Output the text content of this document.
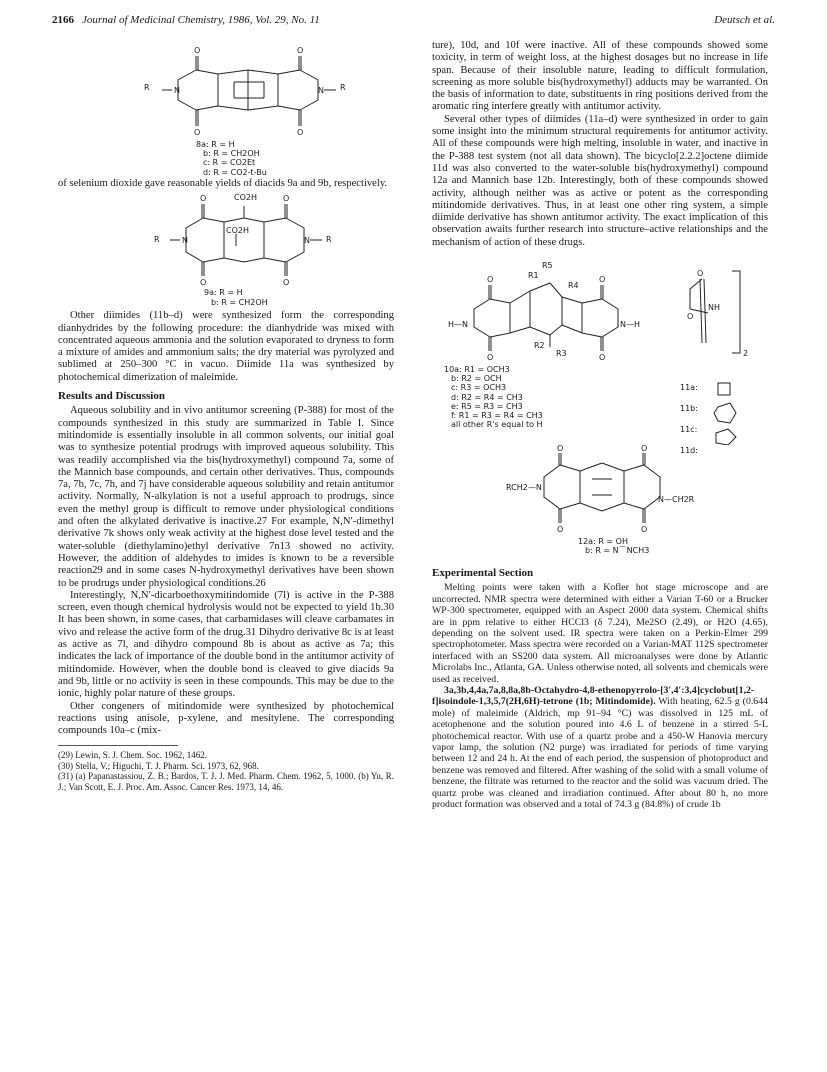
2166 Journal of Medicinal Chemistry, 1986, Vol. 29, No. 11	Deutsch et al.
O	O
O	O
N	N
R	R
8a: R = H
b: R = CH2OH
c: R = CO2Et
d: R = CO2-t-Bu

of selenium dioxide gave reasonable yields of diacids 9a and 9b, respectively.

O	O
O	O
N	N
CO2H
CO2H
R	R
9a: R = H
b: R = CH2OH

Other diimides (11b–d) were synthesized form the corresponding dianhydrides by the following procedure: the dianhydride was mixed with concentrated aqueous ammonia and the solution evaporated to dryness to form a mixture of amides and ammonium salts; the dry material was pyrolyzed and sublimed at 250–300 °C in vacuo. Diimide 11a was synthesized by photochemical dimerization of maleimide.

Results and Discussion

Aqueous solubility and in vivo antitumor screening (P-388) for most of the compounds synthesized in this study are summarized in Table I. Since mitindomide is essentially insoluble in all common solvents, our initial goal was to synthesize potential prodrugs with improved aqueous solubility. This was readily accomplished via the bis(hydroxymethyl) compound 7a, some of the Mannich base compounds, and certain other derivatives. Thus, compounds 7a, 7b, 7c, 7h, and 7j have considerable aqueous solubility and retain antitumor activity. Normally, N-alkylation is not a useful approach to prodrugs, since even the methyl group is difficult to remove under physiological conditions and often the alkylated derivative is inactive.27 For example, N,N′-dimethyl derivative 7k shows only weak activity at the highest dose level tested and the water-soluble (diethylamino)ethyl derivative 7n13 showed no activity. However, the addition of aldehydes to imides is known to be a reversible reaction29 and in some cases N-hydroxymethyl derivatives have been shown to be prodrugs under physiological conditions.26

Interestingly, N,N′-dicarboethoxymitindomide (7l) is active in the P-388 screen, even though chemical hydrolysis would not be expected to yield 1b.30 It has been shown, in some cases, that carbamidases will cleave carbamates in vivo and release the active form of the drug.31 Dihydro derivative 8c is at least as active as 7l, and dihydro compound 8b is about as active as 7a; this indicates the lack of importance of the double bond in the antitumor activity of mitindomide. However, when the double bond is cleaved to give diacids 9a and 9b, little or no activity is seen in these compounds. This may be due to the ionic, highly polar nature of these groups.

Other congeners of mitindomide were synthesized by photochemical reactions using anisole, p-xylene, and mesitylene. The corresponding compounds 10a–c (mix-

(29) Lewin, S. J. Chem. Soc. 1962, 1462.
(30) Stella, V.; Higuchi, T. J. Pharm. Sci. 1973, 62, 968.
(31) (a) Papanastassiou, Z. B.; Bardos, T. J. J. Med. Pharm. Chem. 1962, 5, 1000. (b) Yu, R. J.; Van Scott, E. J. Proc. Am. Assoc. Cancer Res. 1973, 14, 46.

ture), 10d, and 10f were inactive. All of these compounds showed some toxicity, in term of weight loss, at the highest dosages but no increase in life span. Because of their insoluble nature, leading to difficult formulation, screening as more soluble bis(hydroxymethyl) adducts may be warranted. On the basis of information to date, substituents in ring positions derived from the aromatic ring interfere greatly with antitumor activity.

Several other types of diimides (11a–d) were synthesized in order to gain some insight into the minimum structural requirements for antitumor activity. All of these compounds were high melting, insoluble in water, and inactive in the P-388 test system (not all data shown). The bicyclo[2.2.2]octene diimide 11d was also converted to the water-soluble bis(hydroxymethyl) compound 12a and Mannich base 12b. Interestingly, both of these compounds showed activity, although neither was as active or potent as the corresponding mitindomide derivatives. Thus, in at least one other ring system, a simple diimide derivative has shown antitumor activity. The exact implication of this observation awaits further research into structure–active relationships and the mechanism of action of these drugs.

O	O
O	O
O
O
H—N	N—H
R5
R1
R4
R2
R3
NH
2
10a: R1 = OCH3
b: R2 = OCH
c: R3 = OCH3
d: R2 = R4 = CH3
e: R5 = R3 = CH3
f: R1 = R3 = R4 = CH3
all other R's equal to H
11a:
11b:
11c:
11d:
O	O
O	O
RCH2—N
N—CH2R
12a: R = OH
b: R = N⌒NCH3
Experimental Section

Melting points were taken with a Kofler hot stage microscope and are uncorrected. NMR spectra were determined with either a Varian T-60 or a Brucker WP-300 spectrometer, equipped with an Aspect 2000 data system. Chemical shifts are in ppm relative to either HCCl3 (δ 7.24), Me2SO (2.49), or H2O (4.65), depending on the solvent used. IR spectra were taken on a Perkin-Elmer 299 spectrophotometer. Mass spectra were recorded on a Varian-MAT 112S spectrometer interfaced with an SS200 data system. All microanalyses were done by Atlantic Microlabs Inc., Atlanta, GA. Unless otherwise noted, all solvents and chemicals were used as received.

3a,3b,4,4a,7a,8,8a,8b-Octahydro-4,8-ethenopyrrolo-[3′,4′:3,4]cyclobut[1,2-f]isoindole-1,3,5,7(2H,6H)-tetrone (1b; Mitindomide). With heating, 62.5 g (0.644 mole) of maleimide (Aldrich, mp 91–94 °C) was dissolved in 125 mL of acetophenone and the solution poured into 4.6 L of benzene in a stirred 5-L photochemical reactor. With use of a quartz probe and a 450-W Hanovia mercury vapor lamp, the solution (N2 purge) was irradiated for periods of time varying between 12 and 24 h. At the end of each period, the suspension of photoproduct and benzene was removed and filtered. After washing of the solid with a small volume of benzene, the filtrate was returned to the reactor and the solid was vacuum dried. The quartz probe was cleaned and irradiation continued. After about 80 h, no more product formation was observed and a total of 74.3 g (84.8%) of crude 1b
